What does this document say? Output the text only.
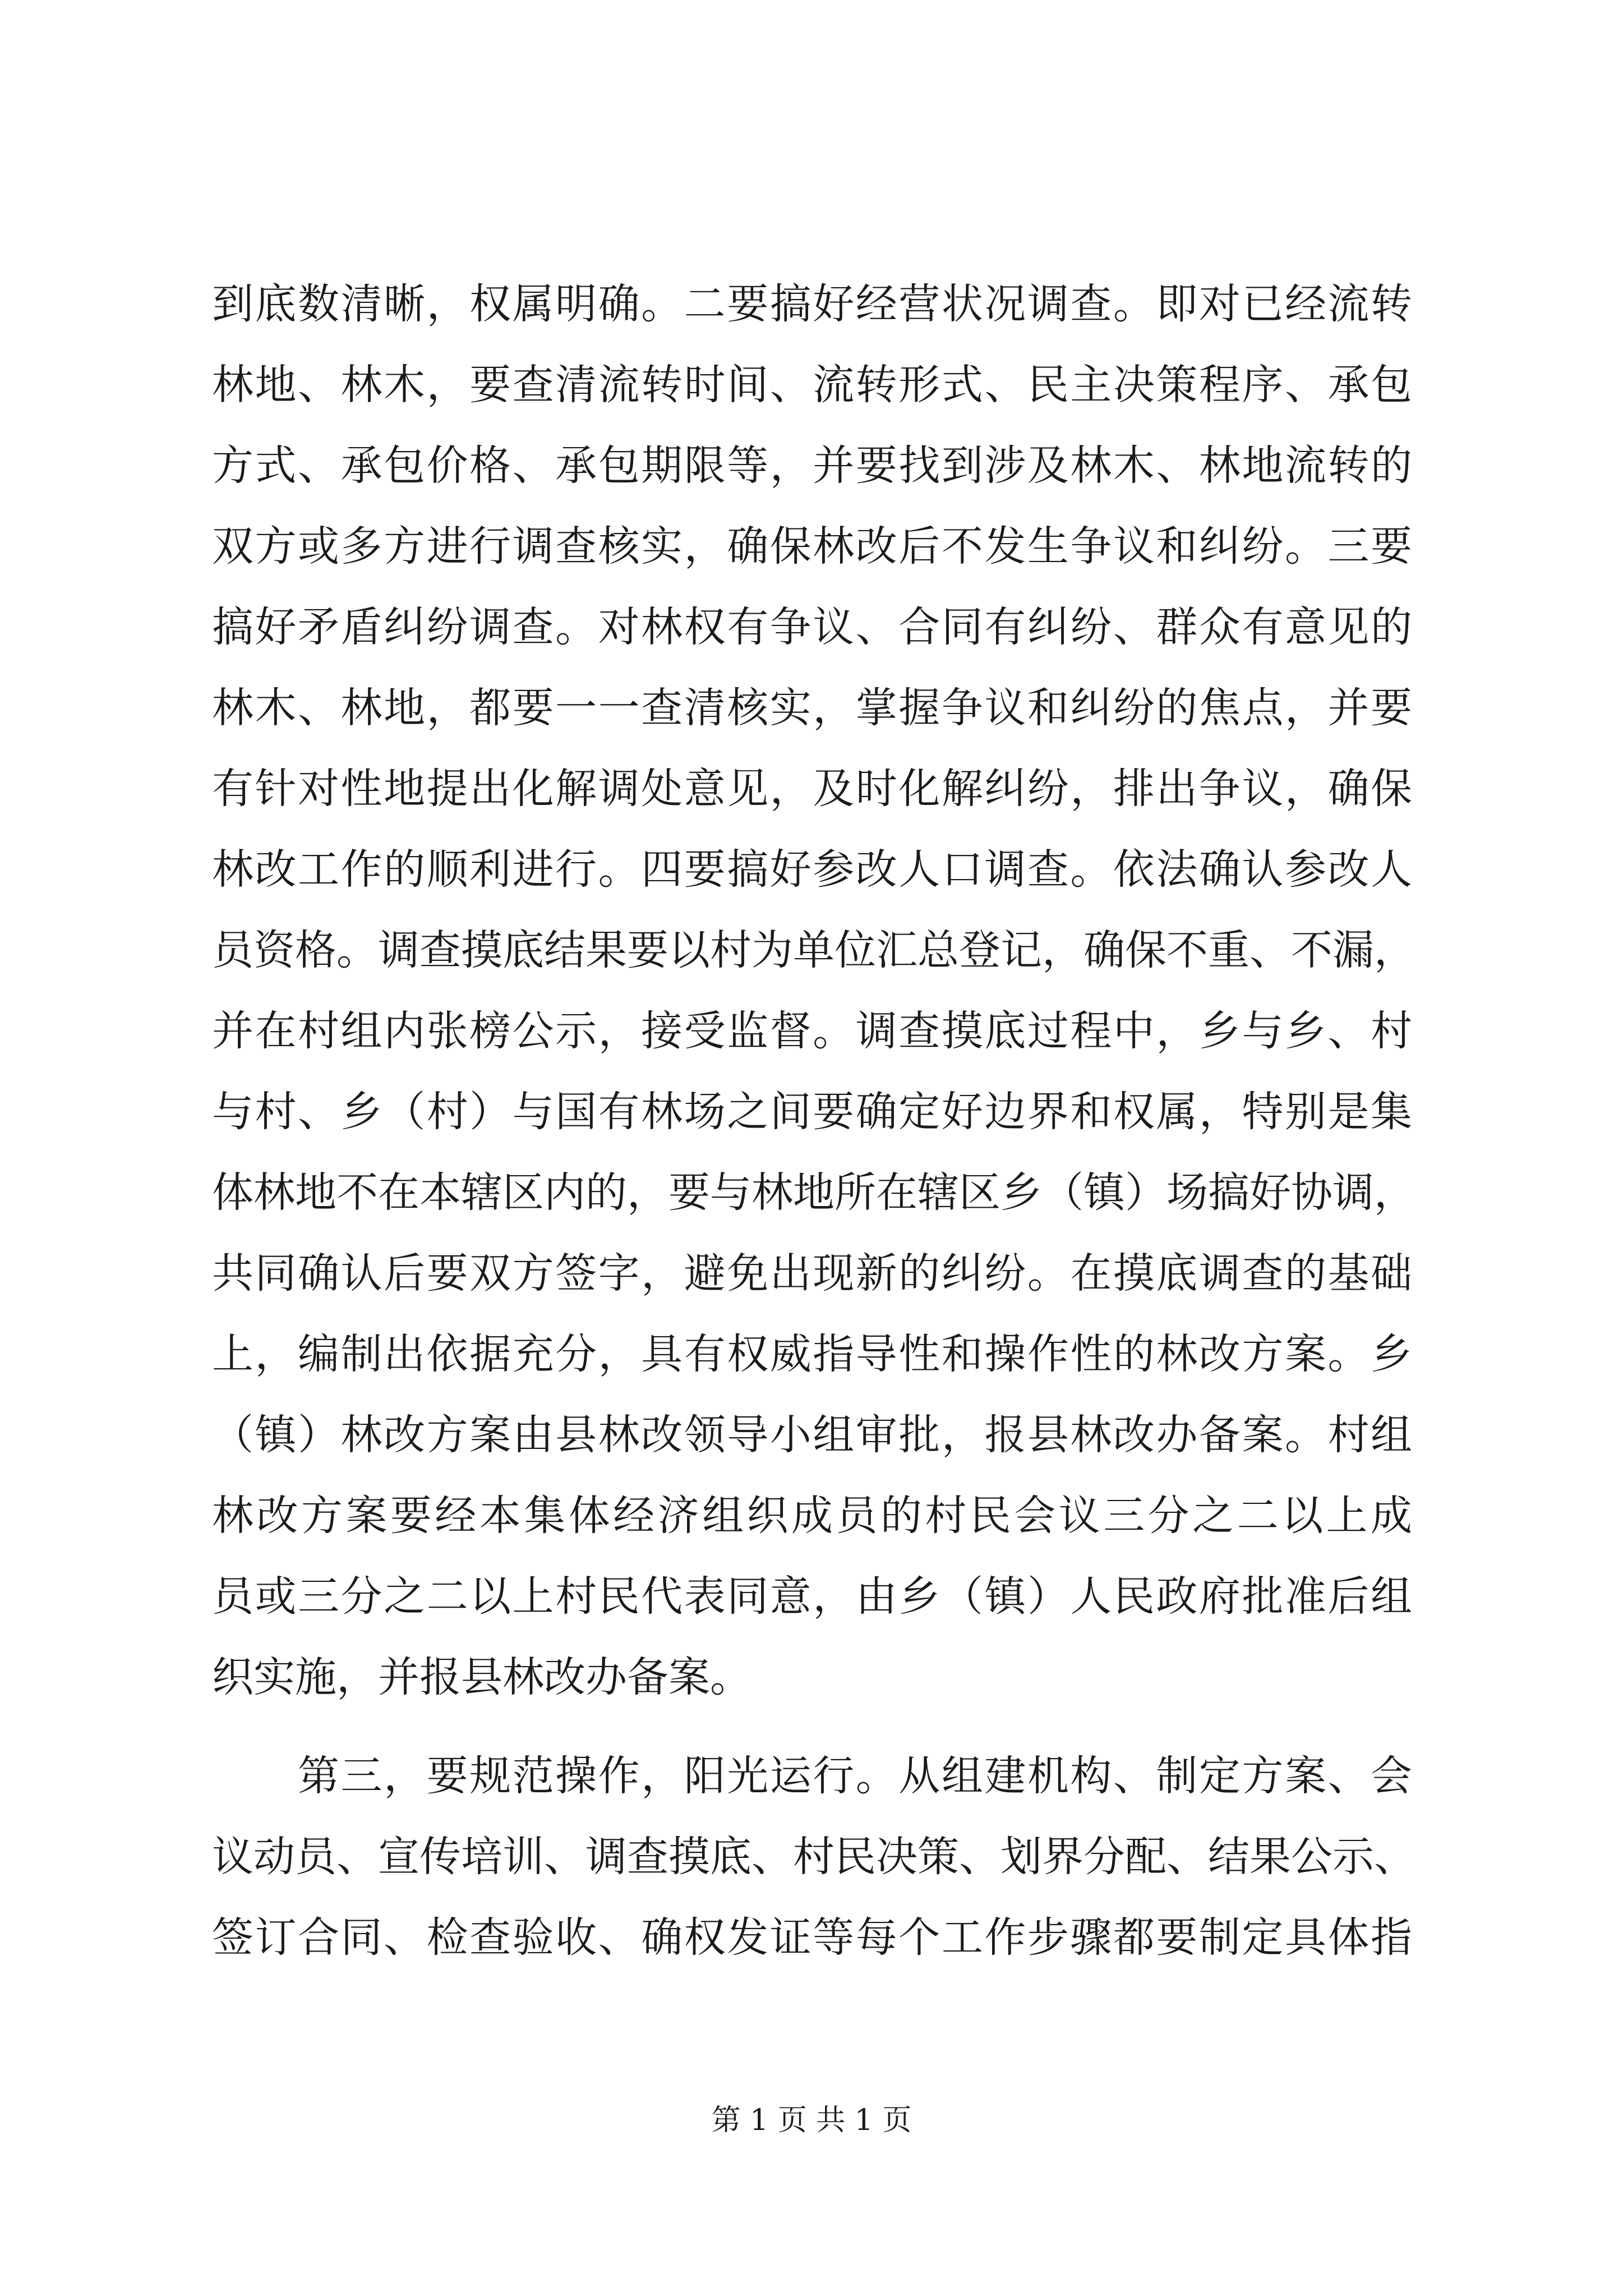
到底数清晰，权属明确。二要搞好经营状况调查。即对已经流转
林地、林木，要查清流转时间、流转形式、民主决策程序、承包
方式、承包价格、承包期限等，并要找到涉及林木、林地流转的
双方或多方进行调查核实，确保林改后不发生争议和纠纷。三要
搞好矛盾纠纷调查。对林权有争议、合同有纠纷、群众有意见的
林木、林地，都要一一查清核实，掌握争议和纠纷的焦点，并要
有针对性地提出化解调处意见，及时化解纠纷，排出争议，确保
林改工作的顺利进行。四要搞好参改人口调查。依法确认参改人
员资格。调查摸底结果要以村为单位汇总登记，确保不重、不漏，
并在村组内张榜公示，接受监督。调查摸底过程中，乡与乡、村
与村、乡（村）与国有林场之间要确定好边界和权属，特别是集
体林地不在本辖区内的，要与林地所在辖区乡（镇）场搞好协调，
共同确认后要双方签字，避免出现新的纠纷。在摸底调查的基础
上，编制出依据充分，具有权威指导性和操作性的林改方案。乡
（镇）林改方案由县林改领导小组审批，报县林改办备案。村组
林改方案要经本集体经济组织成员的村民会议三分之二以上成
员或三分之二以上村民代表同意，由乡（镇）人民政府批准后组
织实施，并报县林改办备案。
　　第三，要规范操作，阳光运行。从组建机构、制定方案、会
议动员、宣传培训、调查摸底、村民决策、划界分配、结果公示、
签订合同、检查验收、确权发证等每个工作步骤都要制定具体指
第 1 页 共 1 页
